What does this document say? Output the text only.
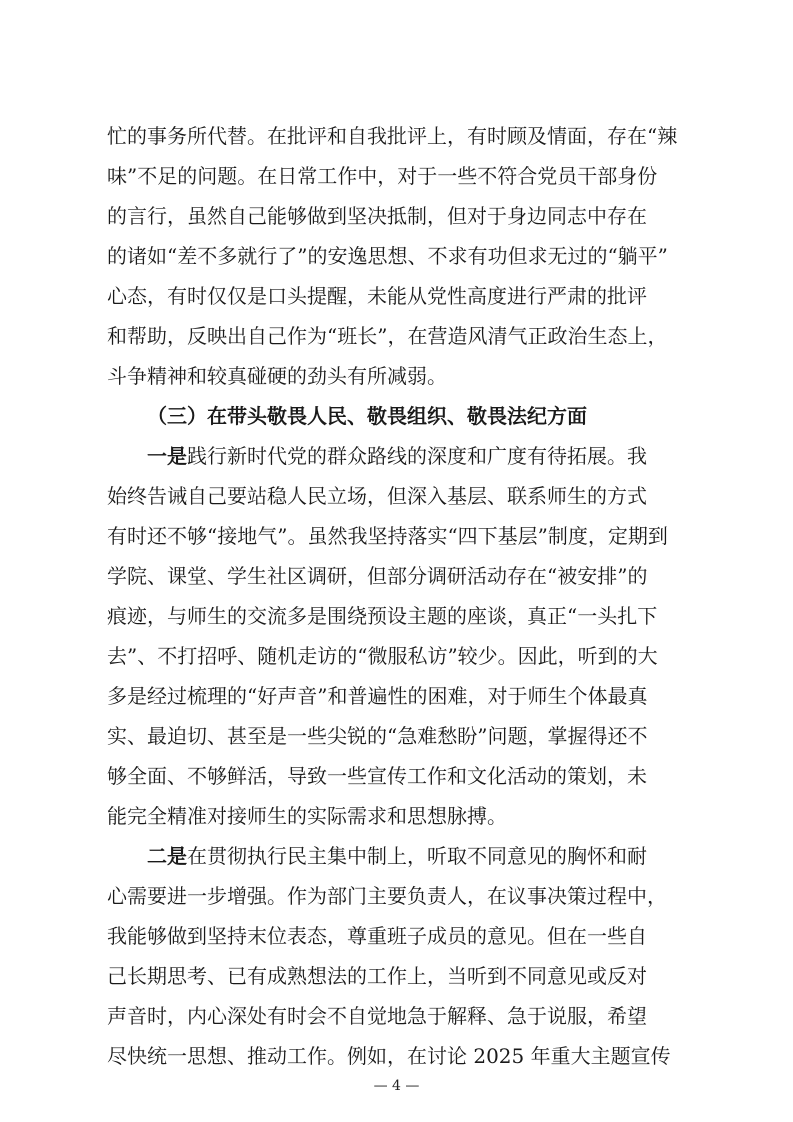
忙的事务所代替。在批评和自我批评上，有时顾及情面，存在“辣
味”不足的问题。在日常工作中，对于一些不符合党员干部身份
的言行，虽然自己能够做到坚决抵制，但对于身边同志中存在
的诸如“差不多就行了”的安逸思想、不求有功但求无过的“躺平”
心态，有时仅仅是口头提醒，未能从党性高度进行严肃的批评
和帮助，反映出自己作为“班长”，在营造风清气正政治生态上，
斗争精神和较真碰硬的劲头有所减弱。
（三）在带头敬畏人民、敬畏组织、敬畏法纪方面
一是践行新时代党的群众路线的深度和广度有待拓展。我
始终告诫自己要站稳人民立场，但深入基层、联系师生的方式
有时还不够“接地气”。虽然我坚持落实“四下基层”制度，定期到
学院、课堂、学生社区调研，但部分调研活动存在“被安排”的
痕迹，与师生的交流多是围绕预设主题的座谈，真正“一头扎下
去”、不打招呼、随机走访的“微服私访”较少。因此，听到的大
多是经过梳理的“好声音”和普遍性的困难，对于师生个体最真
实、最迫切、甚至是一些尖锐的“急难愁盼”问题，掌握得还不
够全面、不够鲜活，导致一些宣传工作和文化活动的策划，未
能完全精准对接师生的实际需求和思想脉搏。
二是在贯彻执行民主集中制上，听取不同意见的胸怀和耐
心需要进一步增强。作为部门主要负责人，在议事决策过程中，
我能够做到坚持末位表态，尊重班子成员的意见。但在一些自
己长期思考、已有成熟想法的工作上，当听到不同意见或反对
声音时，内心深处有时会不自觉地急于解释、急于说服，希望
尽快统一思想、推动工作。例如，在讨论 2025 年重大主题宣传
— 4 —
